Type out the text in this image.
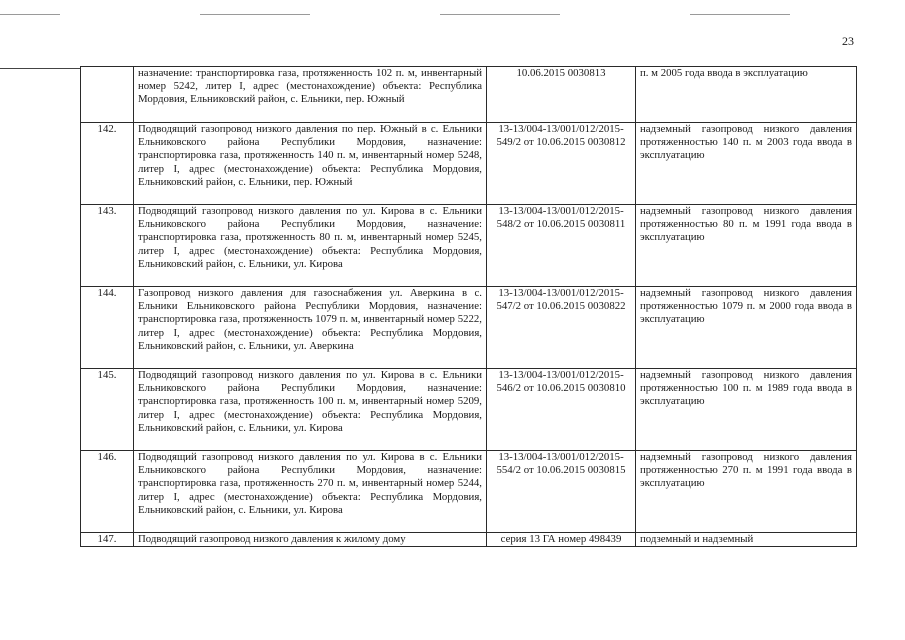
23
	назначение: транспортировка газа, протяженность 102 п. м, инвентарный номер 5242, литер I, адрес (местонахождение) объекта: Республика Мордовия, Ельниковский район, с. Ельники, пер. Южный	10.06.2015 0030813	п. м 2005 года ввода в эксплуатацию
142.	Подводящий газопровод низкого давления по пер. Южный в с. Ельники Ельниковского района Республики Мордовия, назначение: транспортировка газа, протяженность 140 п. м, инвентарный номер 5248, литер I, адрес (местонахождение) объекта: Республика Мордовия, Ельниковский район, с. Ельники, пер. Южный	13-13/004-13/001/012/2015-549/2 от 10.06.2015 0030812	надземный газопровод низкого давления протяженностью 140 п. м 2003 года ввода в эксплуатацию
143.	Подводящий газопровод низкого давления по ул. Кирова в с. Ельники Ельниковского района Республики Мордовия, назначение: транспортировка газа, протяженность 80 п. м, инвентарный номер 5245, литер I, адрес (местонахождение) объекта: Республика Мордовия, Ельниковский район, с. Ельники, ул. Кирова	13-13/004-13/001/012/2015-548/2 от 10.06.2015 0030811	надземный газопровод низкого давления протяженностью 80 п. м 1991 года ввода в эксплуатацию
144.	Газопровод низкого давления для газоснабжения ул. Аверкина в с. Ельники Ельниковского района Республики Мордовия, назначение: транспортировка газа, протяженность 1079 п. м, инвентарный номер 5222, литер I, адрес (местонахождение) объекта: Республика Мордовия, Ельниковский район, с. Ельники, ул. Аверкина	13-13/004-13/001/012/2015-547/2 от 10.06.2015 0030822	надземный газопровод низкого давления протяженностью 1079 п. м 2000 года ввода в эксплуатацию
145.	Подводящий газопровод низкого давления по ул. Кирова в с. Ельники Ельниковского района Республики Мордовия, назначение: транспортировка газа, протяженность 100 п. м, инвентарный номер 5209, литер I, адрес (местонахождение) объекта: Республика Мордовия, Ельниковский район, с. Ельники, ул. Кирова	13-13/004-13/001/012/2015-546/2 от 10.06.2015 0030810	надземный газопровод низкого давления протяженностью 100 п. м 1989 года ввода в эксплуатацию
146.	Подводящий газопровод низкого давления по ул. Кирова в с. Ельники Ельниковского района Республики Мордовия, назначение: транспортировка газа, протяженность 270 п. м, инвентарный номер 5244, литер I, адрес (местонахождение) объекта: Республика Мордовия, Ельниковский район, с. Ельники, ул. Кирова	13-13/004-13/001/012/2015-554/2 от 10.06.2015 0030815	надземный газопровод низкого давления протяженностью 270 п. м 1991 года ввода в эксплуатацию
147.	Подводящий газопровод низкого давления к жилому дому	серия 13 ГА номер 498439	подземный и надземный
